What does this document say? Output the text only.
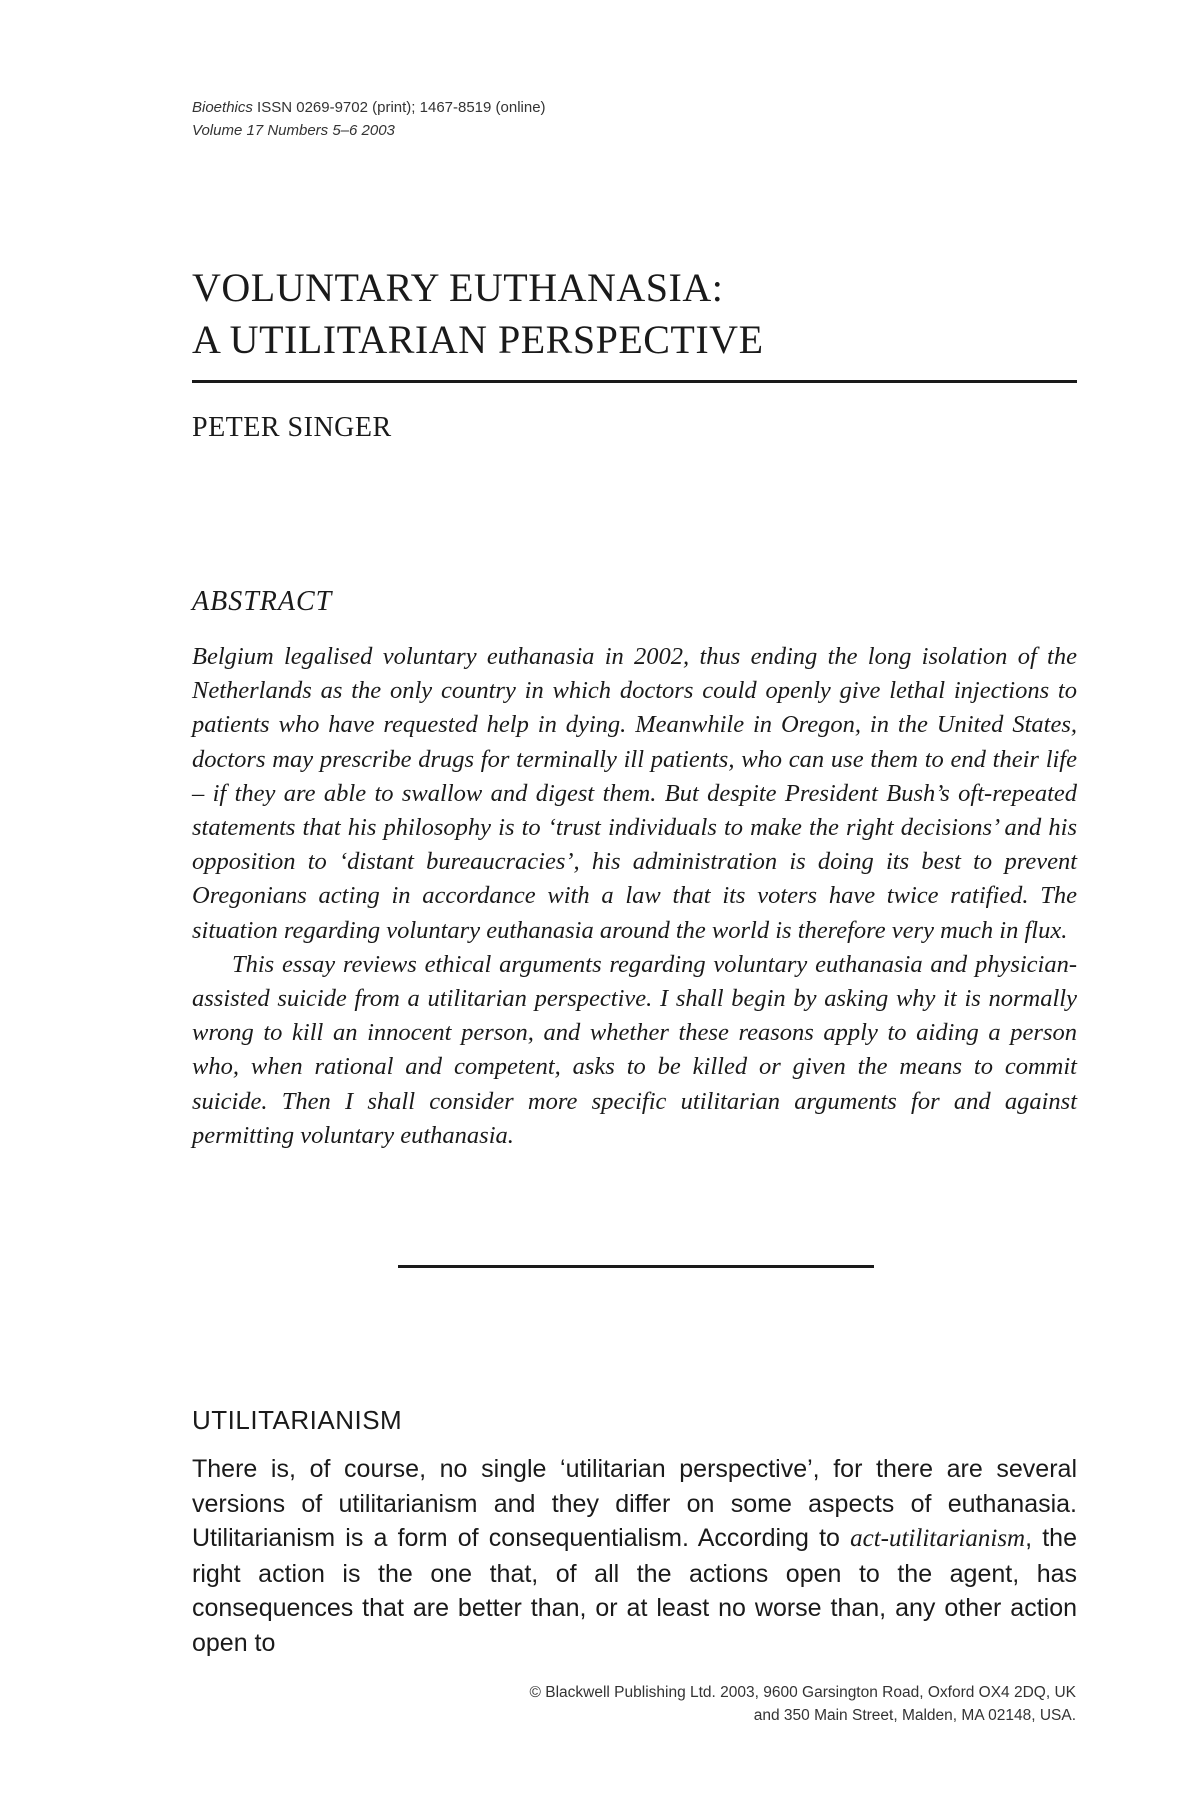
Bioethics ISSN 0269-9702 (print); 1467-8519 (online)
Volume 17 Numbers 5–6 2003
VOLUNTARY EUTHANASIA:
A UTILITARIAN PERSPECTIVE
PETER SINGER
ABSTRACT

Belgium legalised voluntary euthanasia in 2002, thus ending the long isolation of the Netherlands as the only country in which doctors could openly give lethal injections to patients who have requested help in dying. Meanwhile in Oregon, in the United States, doctors may prescribe drugs for terminally ill patients, who can use them to end their life – if they are able to swallow and digest them. But despite President Bush’s oft-repeated statements that his philosophy is to ‘trust individuals to make the right decisions’ and his opposition to ‘distant bureaucracies’, his administration is doing its best to prevent Oregonians acting in accordance with a law that its voters have twice ratified. The situation regarding voluntary euthanasia around the world is therefore very much in flux.

This essay reviews ethical arguments regarding voluntary euthanasia and physician-assisted suicide from a utilitarian perspective. I shall begin by asking why it is normally wrong to kill an innocent person, and whether these reasons apply to aiding a person who, when rational and competent, asks to be killed or given the means to commit suicide. Then I shall consider more specific utilitarian arguments for and against permitting voluntary euthanasia.

UTILITARIANISM
There is, of course, no single ‘utilitarian perspective’, for there are several versions of utilitarianism and they differ on some aspects of euthanasia. Utilitarianism is a form of consequentialism. According to act-utilitarianism, the right action is the one that, of all the actions open to the agent, has consequences that are better than, or at least no worse than, any other action open to
© Blackwell Publishing Ltd. 2003, 9600 Garsington Road, Oxford OX4 2DQ, UK
and 350 Main Street, Malden, MA 02148, USA.
